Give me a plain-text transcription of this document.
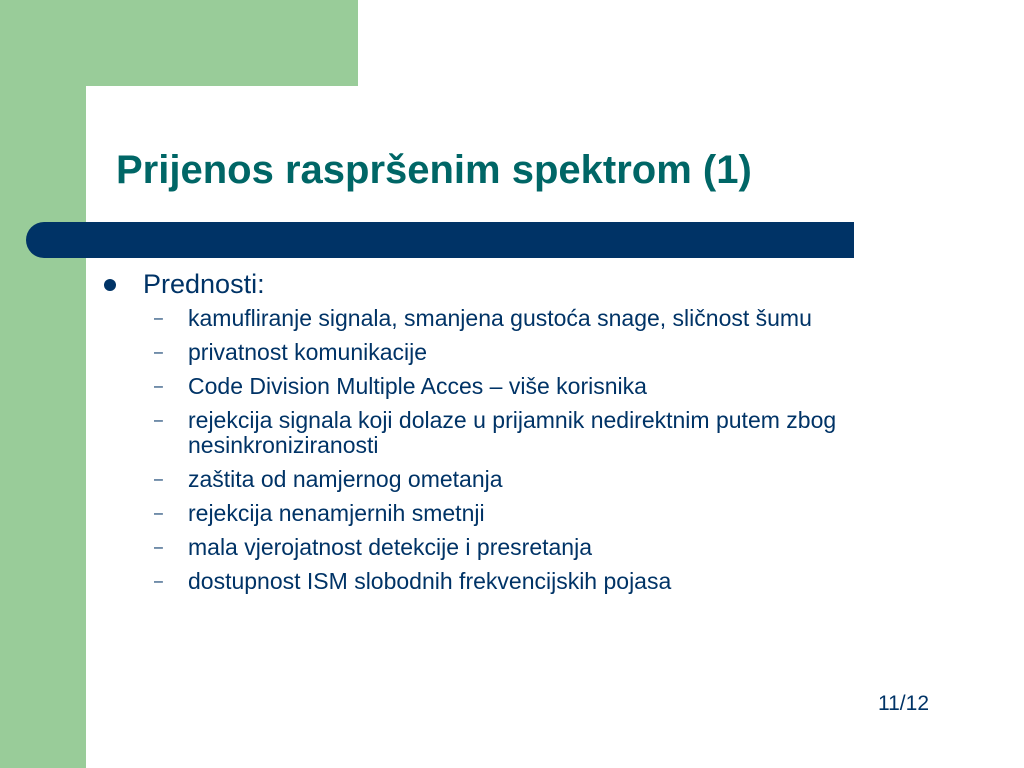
Prijenos raspršenim spektrom (1)
Prednosti:
–	kamufliranje signala, smanjena gustoća snage, sličnost šumu
–	privatnost komunikacije
–	Code Division Multiple Acces – više korisnika
–	rejekcija signala koji dolaze u prijamnik nedirektnim putem zbog nesinkroniziranosti
–	zaštita od namjernog ometanja
–	rejekcija nenamjernih smetnji
–	mala vjerojatnost detekcije i presretanja
–	dostupnost ISM slobodnih frekvencijskih pojasa
11/12
